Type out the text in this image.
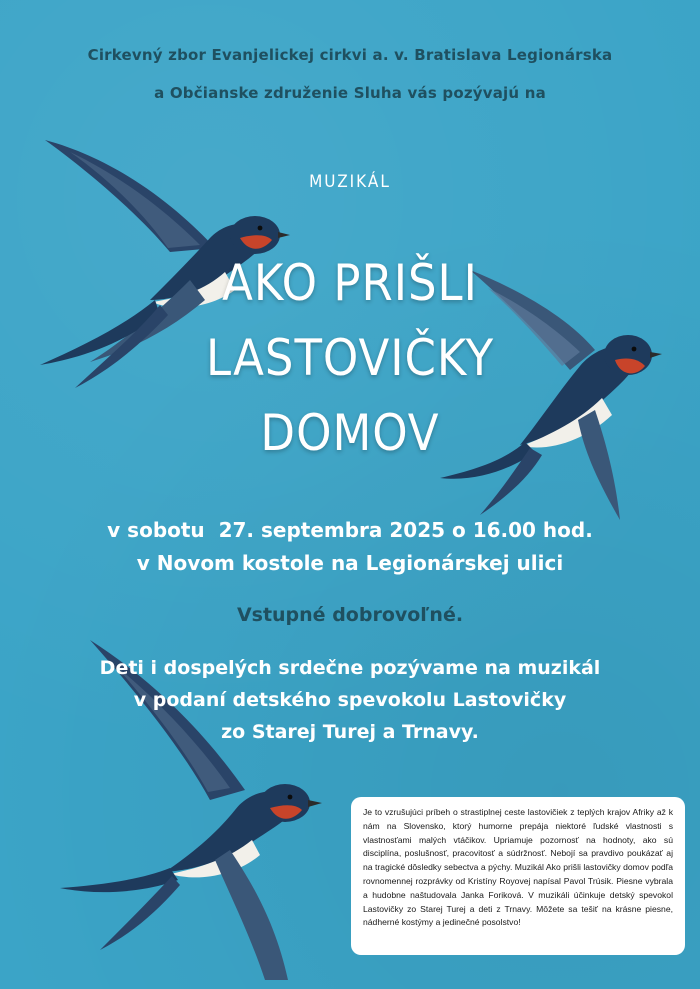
Cirkevný zbor Evanjelickej cirkvi a. v. Bratislava Legionárska
a Občianske združenie Sluha vás pozývajú na
MUZIKÁL
AKO PRIŠLI
LASTOVIČKY
DOMOV
v sobotu  27. septembra 2025 o 16.00 hod.
v Novom kostole na Legionárskej ulici
Vstupné dobrovoľné.
Deti i dospelých srdečne pozývame na muzikál
v podaní detského spevokolu Lastovičky
zo Starej Turej a Trnavy.
Je to vzrušujúci príbeh o strastiplnej ceste lastovičiek z teplých krajov Afriky až k nám na Slovensko, ktorý humorne prepája niektoré ľudské vlastnosti s vlastnosťami malých vtáčikov. Upriamuje pozornosť na hodnoty, ako sú disciplína, poslušnosť, pracovitosť a súdržnosť. Nebojí sa pravdivo poukázať aj na tragické dôsledky sebectva a pýchy. Muzikál Ako prišli lastovičky domov podľa rovnomennej rozprávky od Kristíny Royovej napísal Pavol Trúsik. Piesne vybrala a hudobne naštudovala Janka Foriková. V muzikáli účinkuje detský spevokol Lastovičky zo Starej Turej a deti z Trnavy. Môžete sa tešiť na krásne piesne, nádherné kostýmy a jedinečné posolstvo!
